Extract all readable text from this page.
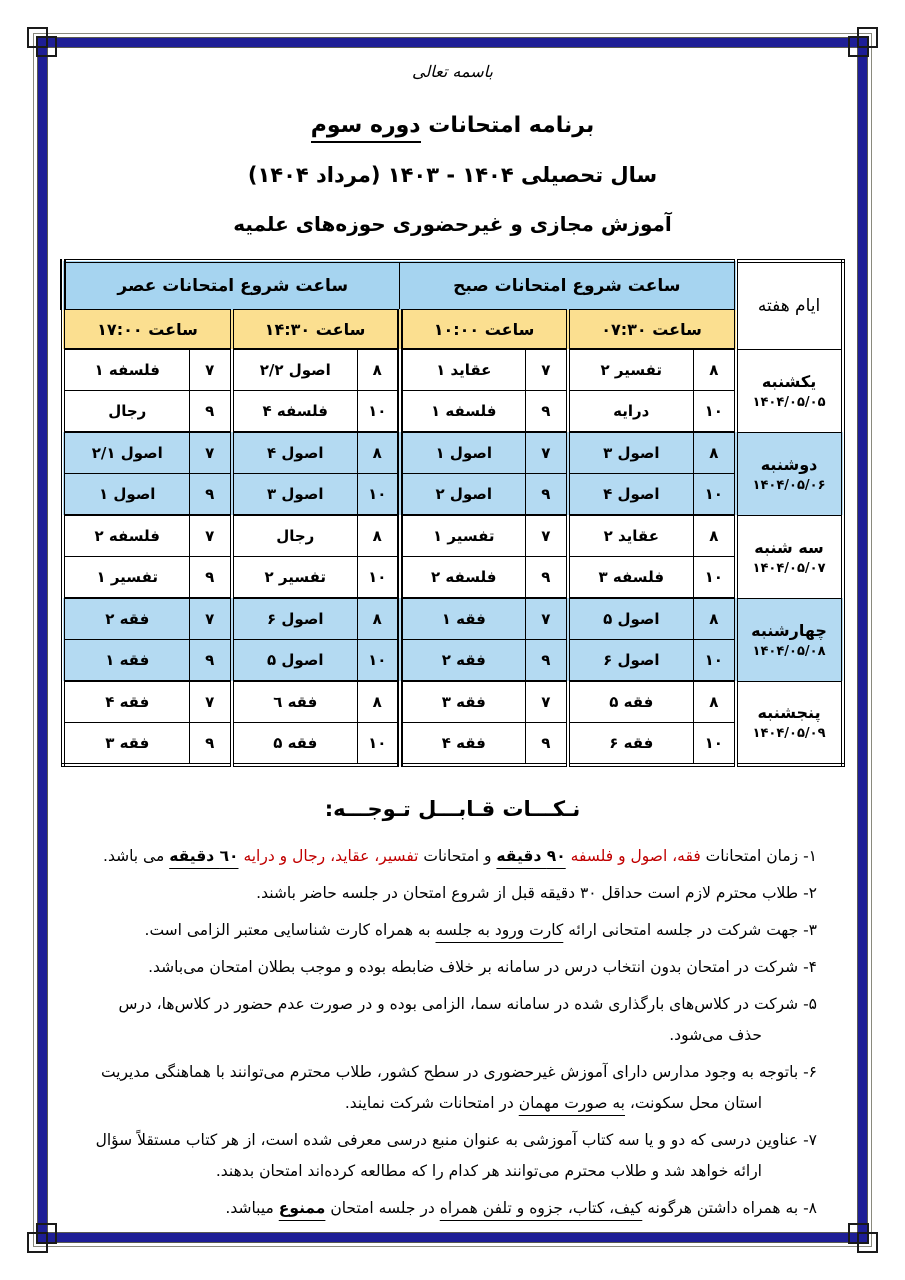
باسمه تعالی
برنامه امتحانات دوره سوم
سال تحصیلی ۱۴۰۴ - ۱۴۰۳ (مرداد ۱۴۰۴)
آموزش مجازی و غیرحضوری حوزه‌های علمیه
ایام هفته	ساعت شروع امتحانات صبح				ساعت شروع امتحانات عصر			
	ساعت ۰۷:۳۰		ساعت ۱۰:۰۰		ساعت ۱۴:۳۰		ساعت ۱۷:۰۰	

یکشنبه
۱۴۰۴/۰۵/۰۵	۸	تفسیر ۲	۷	عقاید ۱	۸	اصول ۲/۲	۷	فلسفه ۱
	۱۰	درایه	۹	فلسفه ۱	۱۰	فلسفه ۴	۹	رجال

دوشنبه
۱۴۰۴/۰۵/۰۶	۸	اصول ۳	۷	اصول ۱	۸	اصول ۴	۷	اصول ۲/۱
	۱۰	اصول ۴	۹	اصول ۲	۱۰	اصول ۳	۹	اصول ۱

سه شنبه
۱۴۰۴/۰۵/۰۷	۸	عقاید ۲	۷	تفسیر ۱	۸	رجال	۷	فلسفه ۲
	۱۰	فلسفه ۳	۹	فلسفه ۲	۱۰	تفسیر ۲	۹	تفسیر ۱

چهارشنبه
۱۴۰۴/۰۵/۰۸	۸	اصول ۵	۷	فقه ۱	۸	اصول ۶	۷	فقه ۲
	۱۰	اصول ۶	۹	فقه ۲	۱۰	اصول ۵	۹	فقه ۱

پنجشنبه
۱۴۰۴/۰۵/۰۹	۸	فقه ۵	۷	فقه ۳	۸	فقه ٦	۷	فقه ۴
	۱۰	فقه ۶	۹	فقه ۴	۱۰	فقه ۵	۹	فقه ۳
نـکـــات قـابـــل تـوجـــه:

۱- زمان امتحانات فقه، اصول و فلسفه ۹۰ دقیقه و امتحانات تفسیر، عقاید، رجال و درایه ٦۰ دقیقه می باشد.

۲- طلاب محترم لازم است حداقل ۳۰ دقیقه قبل از شروع امتحان در جلسه حاضر باشند.

۳- جهت شرکت در جلسه امتحانی ارائه کارت ورود به جلسه به همراه کارت شناسایی معتبر الزامی است.

۴- شرکت در امتحان بدون انتخاب درس در سامانه بر خلاف ضابطه بوده و موجب بطلان امتحان می‌باشد.

۵- شرکت در کلاس‌های بارگذاری شده در سامانه سما، الزامی بوده و در صورت عدم حضور در کلاس‌ها، درس حذف می‌شود.

۶- باتوجه به وجود مدارس دارای آموزش غیرحضوری در سطح کشور، طلاب محترم می‌توانند با هماهنگی مدیریت استان محل سکونت، به صورت مهمان در امتحانات شرکت نمایند.

۷- عناوین درسی که دو و یا سه کتاب آموزشی به عنوان منبع درسی معرفی شده است، از هر کتاب مستقلاً سؤال ارائه خواهد شد و طلاب محترم می‌توانند هر کدام را که مطالعه کرده‌اند امتحان بدهند.

۸- به همراه داشتن هرگونه کیف، کتاب، جزوه و تلفن همراه در جلسه امتحان ممنوع میباشد.
